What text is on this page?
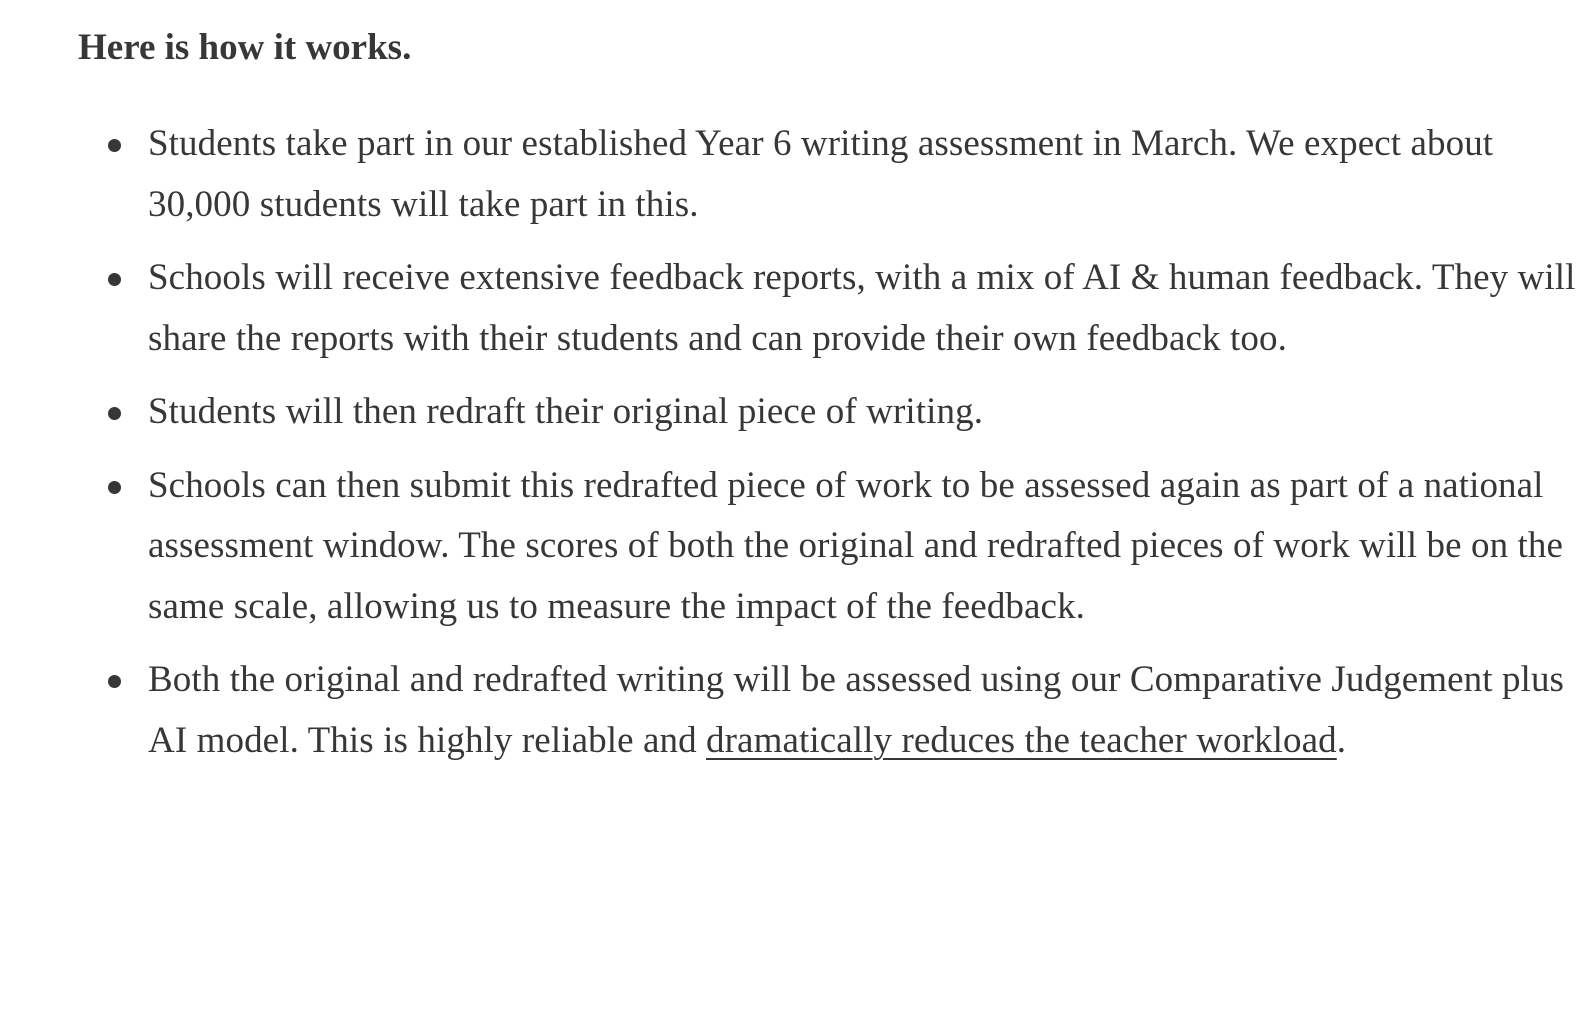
Here is how it works.
Students take part in our established Year 6 writing assessment in March. We expect about 30,000 students will take part in this.
Schools will receive extensive feedback reports, with a mix of AI & human feedback. They will share the reports with their students and can provide their own feedback too.
Students will then redraft their original piece of writing.
Schools can then submit this redrafted piece of work to be assessed again as part of a national assessment window. The scores of both the original and redrafted pieces of work will be on the same scale, allowing us to measure the impact of the feedback.
Both the original and redrafted writing will be assessed using our Comparative Judgement plus AI model. This is highly reliable and dramatically reduces the teacher workload.
